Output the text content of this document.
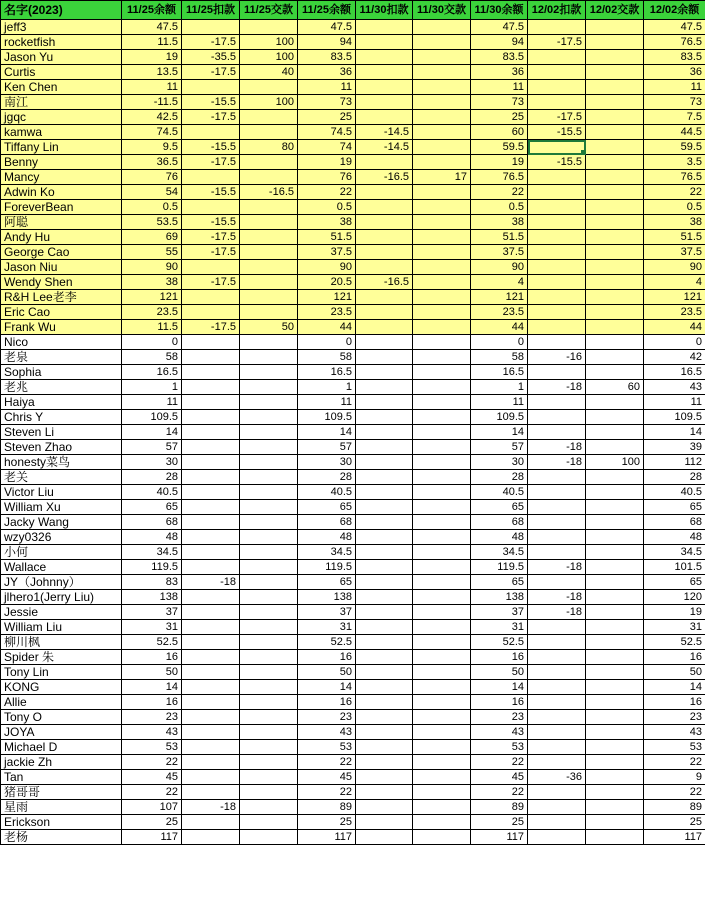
名字(2023)	11/25余额	11/25扣款	11/25交款	11/25余额	11/30扣款	11/30交款	11/30余额	12/02扣款	12/02交款	12/02余额
jeff3	47.5			47.5			47.5			47.5
rocketfish	11.5	-17.5	100	94			94	-17.5		76.5
Jason Yu	19	-35.5	100	83.5			83.5			83.5
Curtis	13.5	-17.5	40	36			36			36
Ken Chen	11			11			11			11
南江	-11.5	-15.5	100	73			73			73
jgqc	42.5	-17.5		25			25	-17.5		7.5
kamwa	74.5			74.5	-14.5		60	-15.5		44.5
Tiffany Lin	9.5	-15.5	80	74	-14.5		59.5			59.5
Benny	36.5	-17.5		19			19	-15.5		3.5
Mancy	76			76	-16.5	17	76.5			76.5
Adwin Ko	54	-15.5	-16.5	22			22			22
ForeverBean	0.5			0.5			0.5			0.5
阿聪	53.5	-15.5		38			38			38
Andy Hu	69	-17.5		51.5			51.5			51.5
George Cao	55	-17.5		37.5			37.5			37.5
Jason Niu	90			90			90			90
Wendy Shen	38	-17.5		20.5	-16.5		4			4
R&H Lee老李	121			121			121			121
Eric Cao	23.5			23.5			23.5			23.5
Frank Wu	11.5	-17.5	50	44			44			44
Nico	0			0			0			0
老泉	58			58			58	-16		42
Sophia	16.5			16.5			16.5			16.5
老兆	1			1			1	-18	60	43
Haiya	11			11			11			11
Chris Y	109.5			109.5			109.5			109.5
Steven Li	14			14			14			14
Steven Zhao	57			57			57	-18		39
honesty菜鸟	30			30			30	-18	100	112
老关	28			28			28			28
Victor Liu	40.5			40.5			40.5			40.5
William Xu	65			65			65			65
Jacky Wang	68			68			68			68
wzy0326	48			48			48			48
小何	34.5			34.5			34.5			34.5
Wallace	119.5			119.5			119.5	-18		101.5
JY（Johnny）	83	-18		65			65			65
jlhero1(Jerry Liu)	138			138			138	-18		120
Jessie	37			37			37	-18		19
William Liu	31			31			31			31
柳川枫	52.5			52.5			52.5			52.5
Spider 朱	16			16			16			16
Tony Lin	50			50			50			50
KONG	14			14			14			14
Allie	16			16			16			16
Tony O	23			23			23			23
JOYA	43			43			43			43
Michael D	53			53			53			53
jackie Zh	22			22			22			22
Tan	45			45			45	-36		9
猪哥哥	22			22			22			22
星雨	107	-18		89			89			89
Erickson	25			25			25			25
老杨	117			117			117			117
